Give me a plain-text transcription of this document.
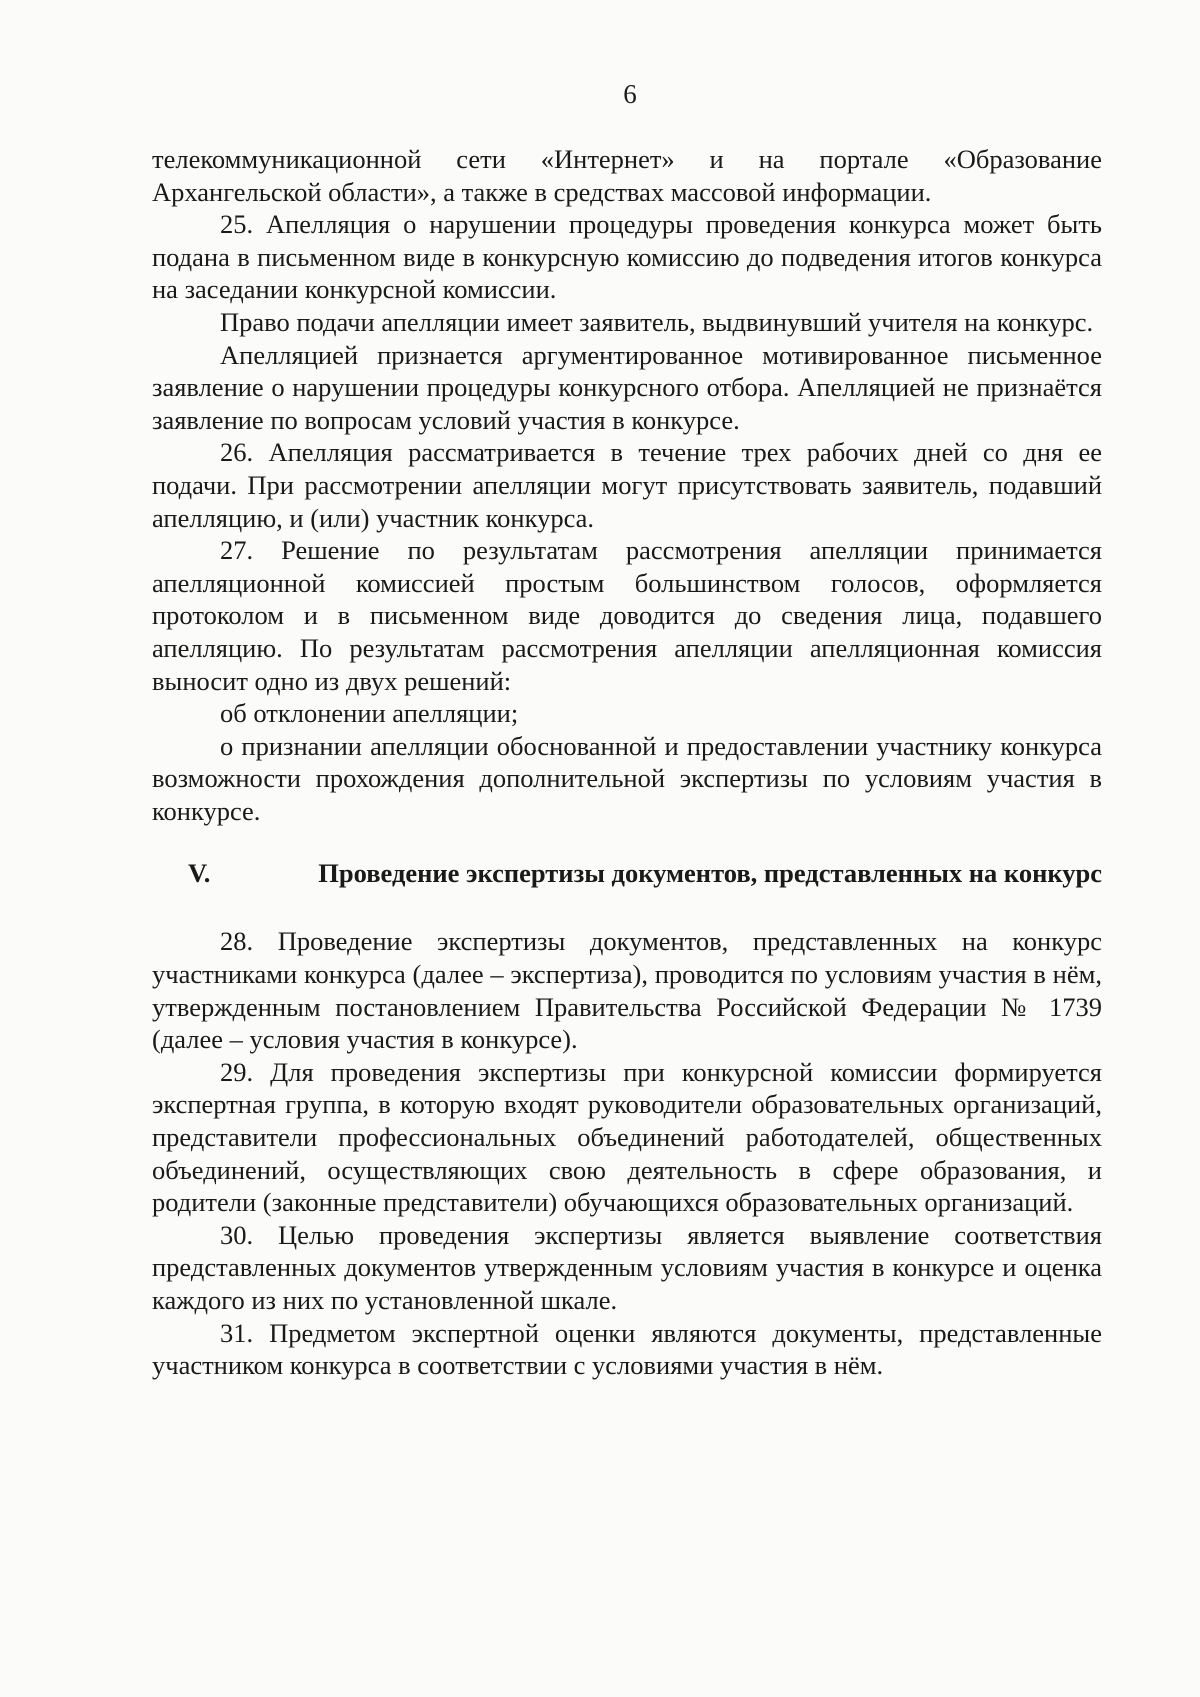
6

телекоммуникационной сети «Интернет» и на портале «Образование Архангельской области», а также в средствах массовой информации.

25. Апелляция о нарушении процедуры проведения конкурса может быть подана в письменном виде в конкурсную комиссию до подведения итогов конкурса на заседании конкурсной комиссии.

Право подачи апелляции имеет заявитель, выдвинувший учителя на конкурс.

Апелляцией признается аргументированное мотивированное письменное заявление о нарушении процедуры конкурсного отбора. Апелляцией не признаётся заявление по вопросам условий участия в конкурсе.

26. Апелляция рассматривается в течение трех рабочих дней со дня ее подачи. При рассмотрении апелляции могут присутствовать заявитель, подавший апелляцию, и (или) участник конкурса.

27. Решение по результатам рассмотрения апелляции принимается апелляционной комиссией простым большинством голосов, оформляется протоколом и в письменном виде доводится до сведения лица, подавшего апелляцию. По результатам рассмотрения апелляции апелляционная комиссия выносит одно из двух решений:

об отклонении апелляции;

о признании апелляции обоснованной и предоставлении участнику конкурса возможности прохождения дополнительной экспертизы по условиям участия в конкурсе.

V.	Проведение экспертизы документов, представленных на конкурс

28. Проведение экспертизы документов, представленных на конкурс участниками конкурса (далее – экспертиза), проводится по условиям участия в нём, утвержденным постановлением Правительства Российской Федерации № 1739 (далее – условия участия в конкурсе).

29. Для проведения экспертизы при конкурсной комиссии формируется экспертная группа, в которую входят руководители образовательных организаций, представители профессиональных объединений работодателей, общественных объединений, осуществляющих свою деятельность в сфере образования, и родители (законные представители) обучающихся образовательных организаций.

30. Целью проведения экспертизы является выявление соответствия представленных документов утвержденным условиям участия в конкурсе и оценка каждого из них по установленной шкале.

31. Предметом экспертной оценки являются документы, представленные участником конкурса в соответствии с условиями участия в нём.
